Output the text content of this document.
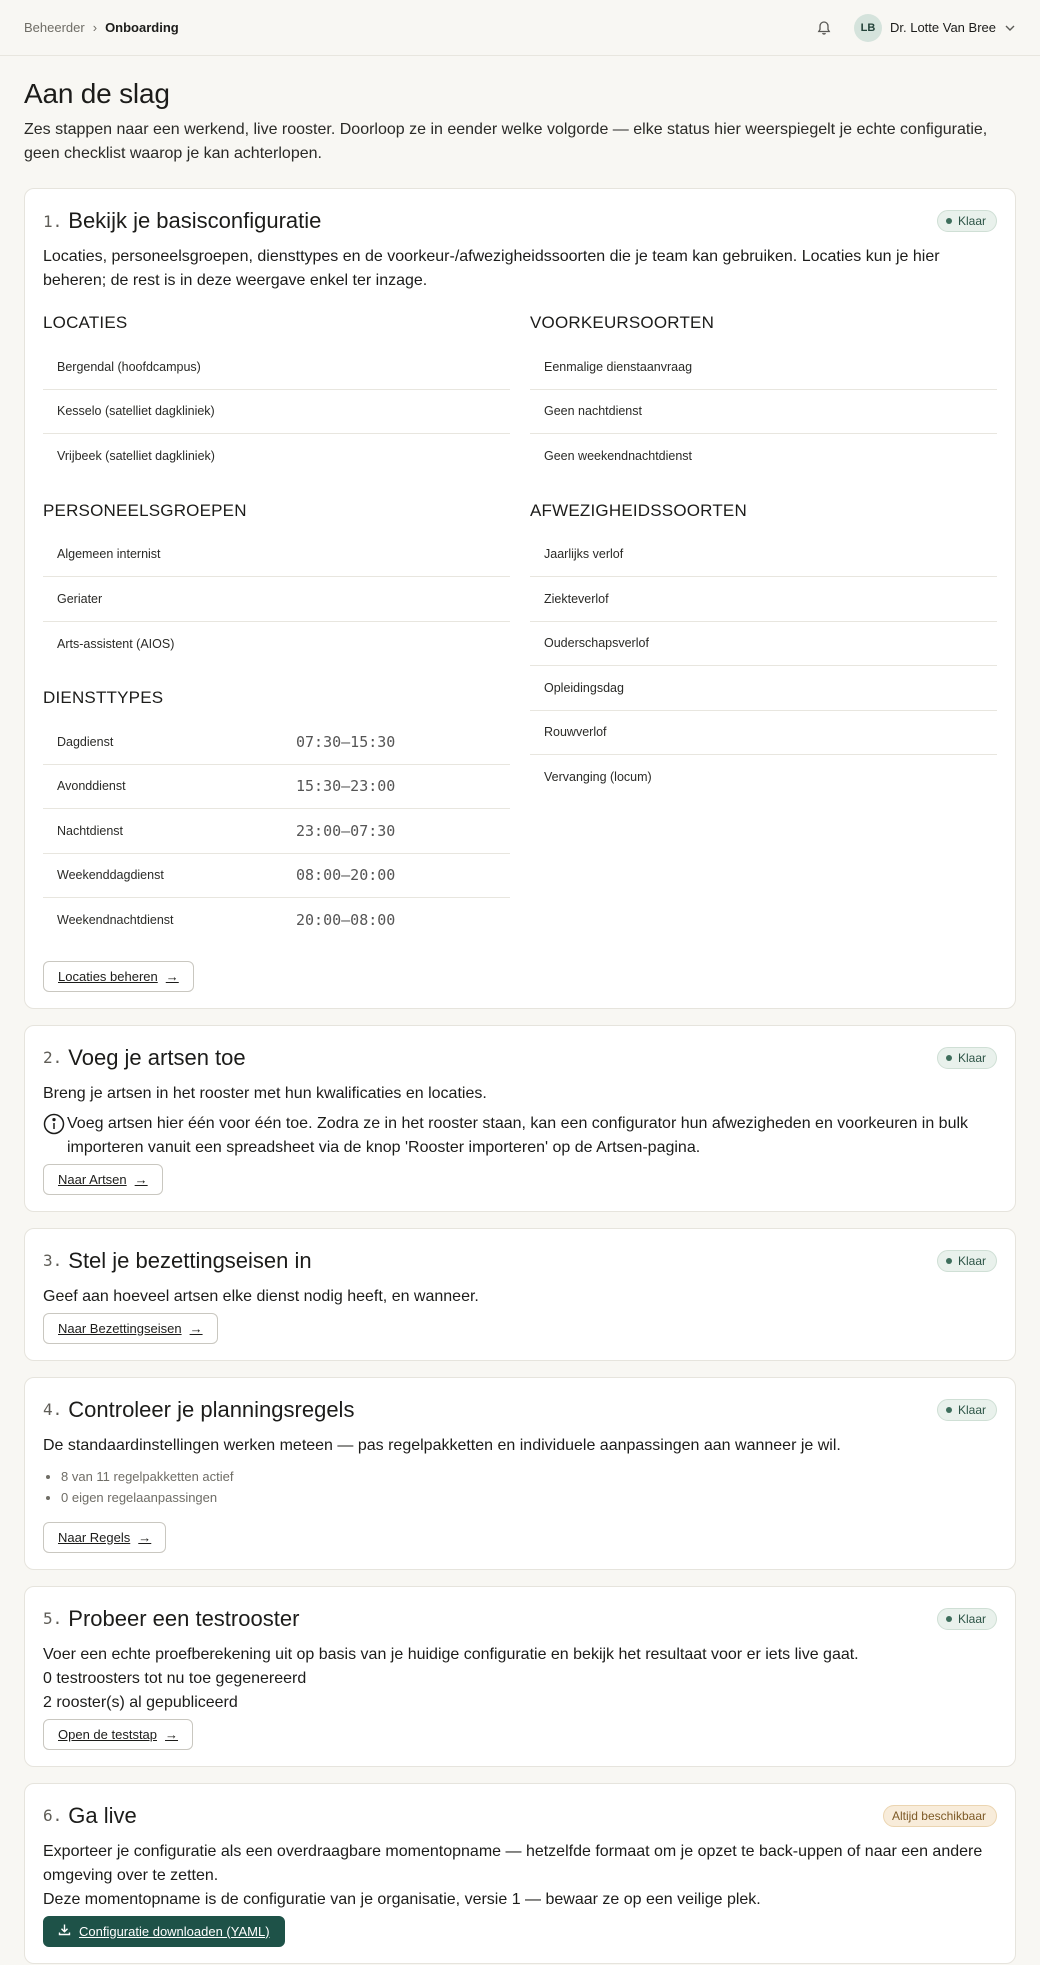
Beheerder › Onboarding	LB	Dr. Lotte Van Bree
Aan de slag

Zes stappen naar een werkend, live rooster. Doorloop ze in eender welke volgorde — elke status hier weerspiegelt je echte configuratie, geen checklist waarop je kan achterlopen.

1. Bekijk je basisconfiguratie	Klaar

Locaties, personeelsgroepen, diensttypes en de voorkeur-/afwezigheidssoorten die je team kan gebruiken. Locaties kun je hier beheren; de rest is in deze weergave enkel ter inzage.

LOCATIES
Bergendal (hoofdcampus)
Kesselo (satelliet dagkliniek)
Vrijbeek (satelliet dagkliniek)
PERSONEELSGROEPEN
Algemeen internist
Geriater
Arts-assistent (AIOS)
DIENSTTYPES
Dagdienst	07:30–15:30
Avonddienst	15:30–23:00
Nachtdienst	23:00–07:30
Weekenddagdienst	08:00–20:00
Weekendnachtdienst	20:00–08:00
VOORKEURSOORTEN
Eenmalige dienstaanvraag
Geen nachtdienst
Geen weekendnachtdienst
AFWEZIGHEIDSSOORTEN
Jaarlijks verlof
Ziekteverlof
Ouderschapsverlof
Opleidingsdag
Rouwverlof
Vervanging (locum)
Locaties beheren →
2. Voeg je artsen toe	Klaar

Breng je artsen in het rooster met hun kwalificaties en locaties.

Voeg artsen hier één voor één toe. Zodra ze in het rooster staan, kan een configurator hun afwezigheden en voorkeuren in bulk importeren vanuit een spreadsheet via de knop 'Rooster importeren' op de Artsen-pagina.
Naar Artsen →
3. Stel je bezettingseisen in	Klaar

Geef aan hoeveel artsen elke dienst nodig heeft, en wanneer.

Naar Bezettingseisen →
4. Controleer je planningsregels	Klaar

De standaardinstellingen werken meteen — pas regelpakketten en individuele aanpassingen aan wanneer je wil.

• 8 van 11 regelpakketten actief
• 0 eigen regelaanpassingen
Naar Regels →
5. Probeer een testrooster	Klaar

Voer een echte proefberekening uit op basis van je huidige configuratie en bekijk het resultaat voor er iets live gaat.

0 testroosters tot nu toe gegenereerd

2 rooster(s) al gepubliceerd

Open de teststap →
6. Ga live	Altijd beschikbaar

Exporteer je configuratie als een overdraagbare momentopname — hetzelfde formaat om je opzet te back-uppen of naar een andere omgeving over te zetten.

Deze momentopname is de configuratie van je organisatie, versie 1 — bewaar ze op een veilige plek.

Configuratie downloaden (YAML)
